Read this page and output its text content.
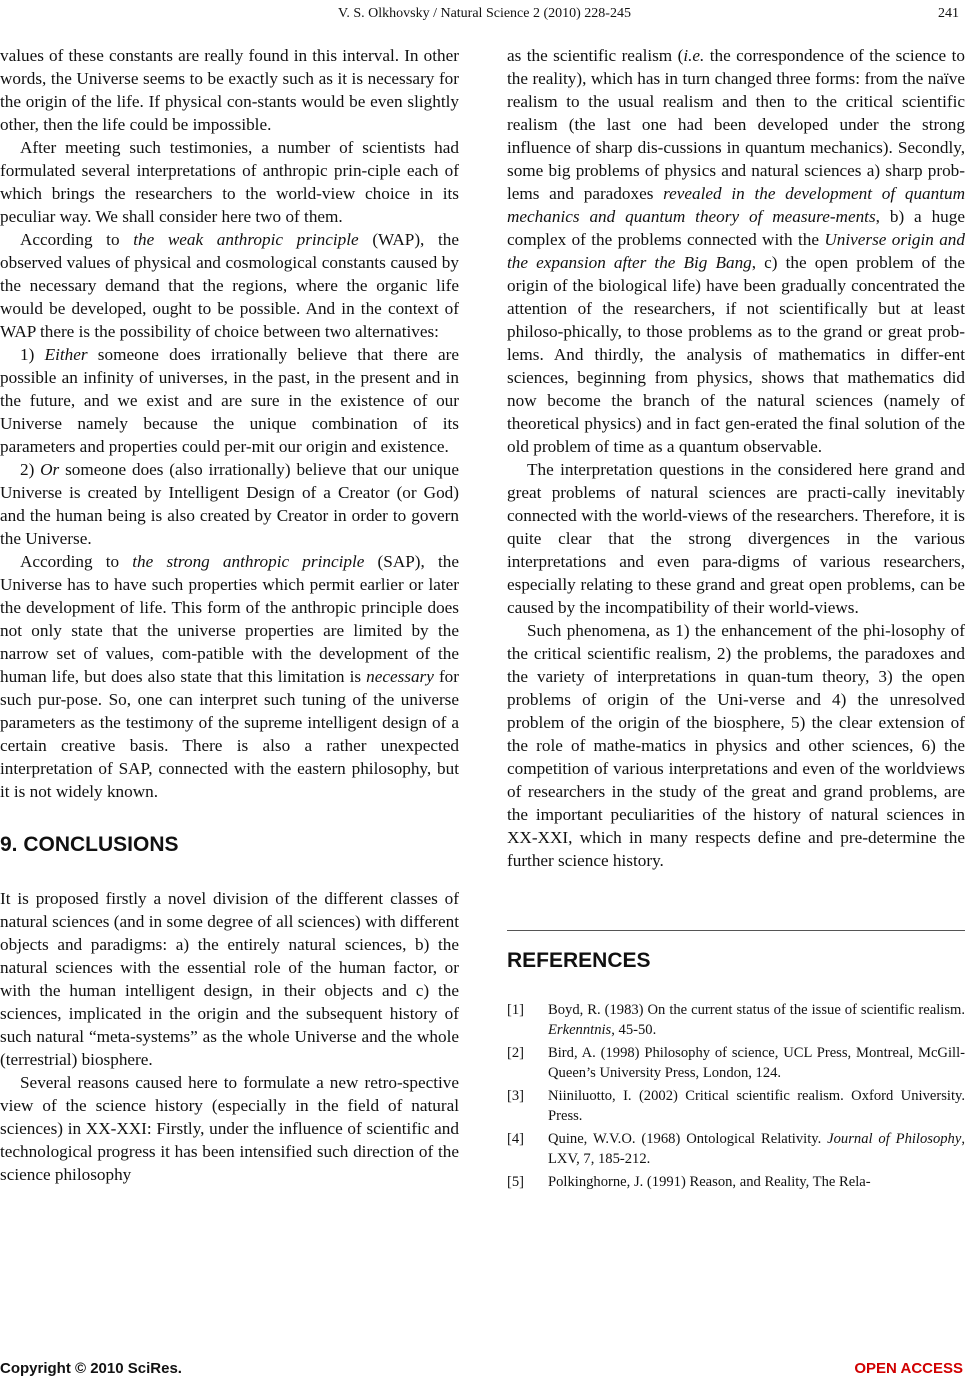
V. S. Olkhovsky / Natural Science 2 (2010) 228-245	241

values of these constants are really found in this interval. In other words, the Universe seems to be exactly such as it is necessary for the origin of the life. If physical con-stants would be even slightly other, then the life could be impossible.

After meeting such testimonies, a number of scientists had formulated several interpretations of anthropic prin-ciple each of which brings the researchers to the world-view choice in its peculiar way. We shall consider here two of them.

According to the weak anthropic principle (WAP), the observed values of physical and cosmological constants caused by the necessary demand that the regions, where the organic life would be developed, ought to be possible. And in the context of WAP there is the possibility of choice between two alternatives:

1) Either someone does irrationally believe that there are possible an infinity of universes, in the past, in the present and in the future, and we exist and are sure in the existence of our Universe namely because the unique combination of its parameters and properties could per-mit our origin and existence.

2) Or someone does (also irrationally) believe that our unique Universe is created by Intelligent Design of a Creator (or God) and the human being is also created by Creator in order to govern the Universe.

According to the strong anthropic principle (SAP), the Universe has to have such properties which permit earlier or later the development of life. This form of the anthropic principle does not only state that the universe properties are limited by the narrow set of values, com-patible with the development of the human life, but does also state that this limitation is necessary for such pur-pose. So, one can interpret such tuning of the universe parameters as the testimony of the supreme intelligent design of a certain creative basis. There is also a rather unexpected interpretation of SAP, connected with the eastern philosophy, but it is not widely known.

9. CONCLUSIONS

It is proposed firstly a novel division of the different classes of natural sciences (and in some degree of all sciences) with different objects and paradigms: a) the entirely natural sciences, b) the natural sciences with the essential role of the human factor, or with the human intelligent design, in their objects and c) the sciences, implicated in the origin and the subsequent history of such natural “meta-systems” as the whole Universe and the whole (terrestrial) biosphere.

Several reasons caused here to formulate a new retro-spective view of the science history (especially in the field of natural sciences) in XX-XXI: Firstly, under the influence of scientific and technological progress it has been intensified such direction of the science philosophy

as the scientific realism (i.e. the correspondence of the science to the reality), which has in turn changed three forms: from the naïve realism to the usual realism and then to the critical scientific realism (the last one had been developed under the strong influence of sharp dis-cussions in quantum mechanics). Secondly, some big problems of physics and natural sciences a) sharp prob-lems and paradoxes revealed in the development of quantum mechanics and quantum theory of measure-ments, b) a huge complex of the problems connected with the Universe origin and the expansion after the Big Bang, c) the open problem of the origin of the biological life) have been gradually concentrated the attention of the researchers, if not scientifically but at least philoso-phically, to those problems as to the grand or great prob-lems. And thirdly, the analysis of mathematics in differ-ent sciences, beginning from physics, shows that mathematics did now become the branch of the natural sciences (namely of theoretical physics) and in fact gen-erated the final solution of the old problem of time as a quantum observable.

The interpretation questions in the considered here grand and great problems of natural sciences are practi-cally inevitably connected with the world-views of the researchers. Therefore, it is quite clear that the strong divergences in the various interpretations and even para-digms of various researchers, especially relating to these grand and great open problems, can be caused by the incompatibility of their world-views.

Such phenomena, as 1) the enhancement of the phi-losophy of the critical scientific realism, 2) the problems, the paradoxes and the variety of interpretations in quan-tum theory, 3) the open problems of origin of the Uni-verse and 4) the unresolved problem of the origin of the biosphere, 5) the clear extension of the role of mathe-matics in physics and other sciences, 6) the competition of various interpretations and even of the worldviews of researchers in the study of the great and grand problems, are the important peculiarities of the history of natural sciences in XX-XXI, which in many respects define and pre-determine the further science history.

REFERENCES
[1] Boyd, R. (1983) On the current status of the issue of scientific realism. Erkenntnis, 45-50.
[2] Bird, A. (1998) Philosophy of science, UCL Press, Montreal, McGill-Queen’s University Press, London, 124.
[3] Niiniluotto, I. (2002) Critical scientific realism. Oxford University. Press.
[4] Quine, W.V.O. (1968) Ontological Relativity. Journal of Philosophy, LXV, 7, 185-212.
[5] Polkinghorne, J. (1991) Reason, and Reality, The Rela-
Copyright © 2010 SciRes.	OPEN ACCESS
